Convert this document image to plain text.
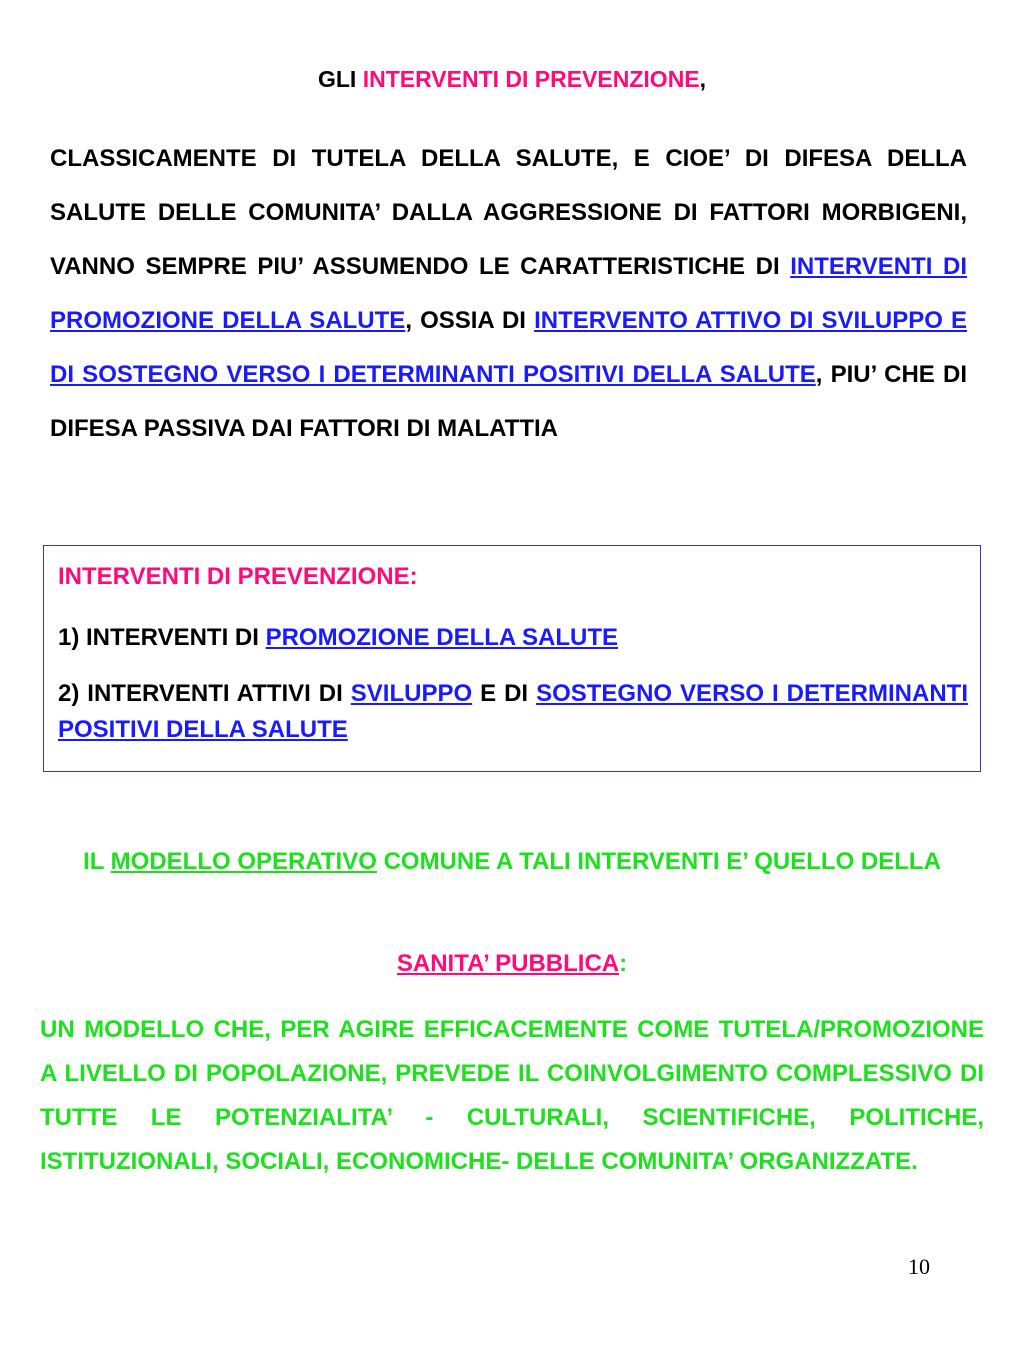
GLI INTERVENTI DI PREVENZIONE,
CLASSICAMENTE DI TUTELA DELLA SALUTE, E CIOE’ DI DIFESA DELLA SALUTE DELLE COMUNITA’ DALLA AGGRESSIONE DI FATTORI MORBIGENI, VANNO SEMPRE PIU’ ASSUMENDO LE CARATTERISTICHE DI INTERVENTI DI PROMOZIONE DELLA SALUTE, OSSIA DI INTERVENTO ATTIVO DI SVILUPPO E DI SOSTEGNO VERSO I DETERMINANTI POSITIVI DELLA SALUTE, PIU’ CHE DI DIFESA PASSIVA DAI FATTORI DI MALATTIA
INTERVENTI DI PREVENZIONE:
1) INTERVENTI DI PROMOZIONE DELLA SALUTE
2) INTERVENTI ATTIVI DI SVILUPPO E DI SOSTEGNO VERSO I DETERMINANTI POSITIVI DELLA SALUTE
IL MODELLO OPERATIVO COMUNE A TALI INTERVENTI E’ QUELLO DELLA
SANITA’ PUBBLICA:
UN MODELLO CHE, PER AGIRE EFFICACEMENTE COME TUTELA/PROMOZIONE A LIVELLO DI POPOLAZIONE, PREVEDE IL COINVOLGIMENTO COMPLESSIVO DI TUTTE LE POTENZIALITA’ - CULTURALI, SCIENTIFICHE, POLITICHE, ISTITUZIONALI, SOCIALI, ECONOMICHE- DELLE COMUNITA’ ORGANIZZATE.
10
